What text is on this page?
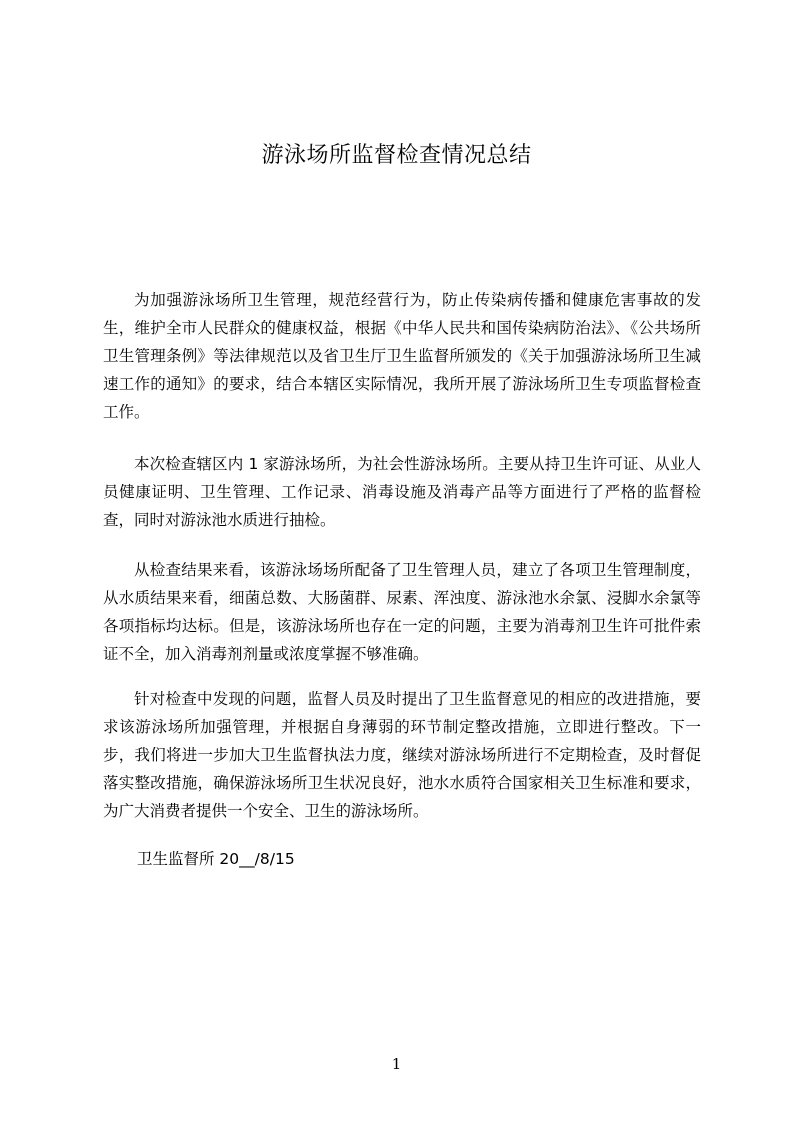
游泳场所监督检查情况总结

为加强游泳场所卫生管理，规范经营行为，防止传染病传播和健康危害事故的发生，维护全市人民群众的健康权益，根据《中华人民共和国传染病防治法》、《公共场所卫生管理条例》等法律规范以及省卫生厅卫生监督所颁发的《关于加强游泳场所卫生减速工作的通知》的要求，结合本辖区实际情况，我所开展了游泳场所卫生专项监督检查工作。

本次检查辖区内 1 家游泳场所，为社会性游泳场所。主要从持卫生许可证、从业人员健康证明、卫生管理、工作记录、消毒设施及消毒产品等方面进行了严格的监督检查，同时对游泳池水质进行抽检。

从检查结果来看，该游泳场场所配备了卫生管理人员，建立了各项卫生管理制度，从水质结果来看，细菌总数、大肠菌群、尿素、浑浊度、游泳池水余氯、浸脚水余氯等各项指标均达标。但是，该游泳场所也存在一定的问题，主要为消毒剂卫生许可批件索证不全，加入消毒剂剂量或浓度掌握不够准确。

针对检查中发现的问题，监督人员及时提出了卫生监督意见的相应的改进措施，要求该游泳场所加强管理，并根据自身薄弱的环节制定整改措施，立即进行整改。下一步，我们将进一步加大卫生监督执法力度，继续对游泳场所进行不定期检查，及时督促落实整改措施，确保游泳场所卫生状况良好，池水水质符合国家相关卫生标准和要求，为广大消费者提供一个安全、卫生的游泳场所。

卫生监督所 20__/8/15
1
